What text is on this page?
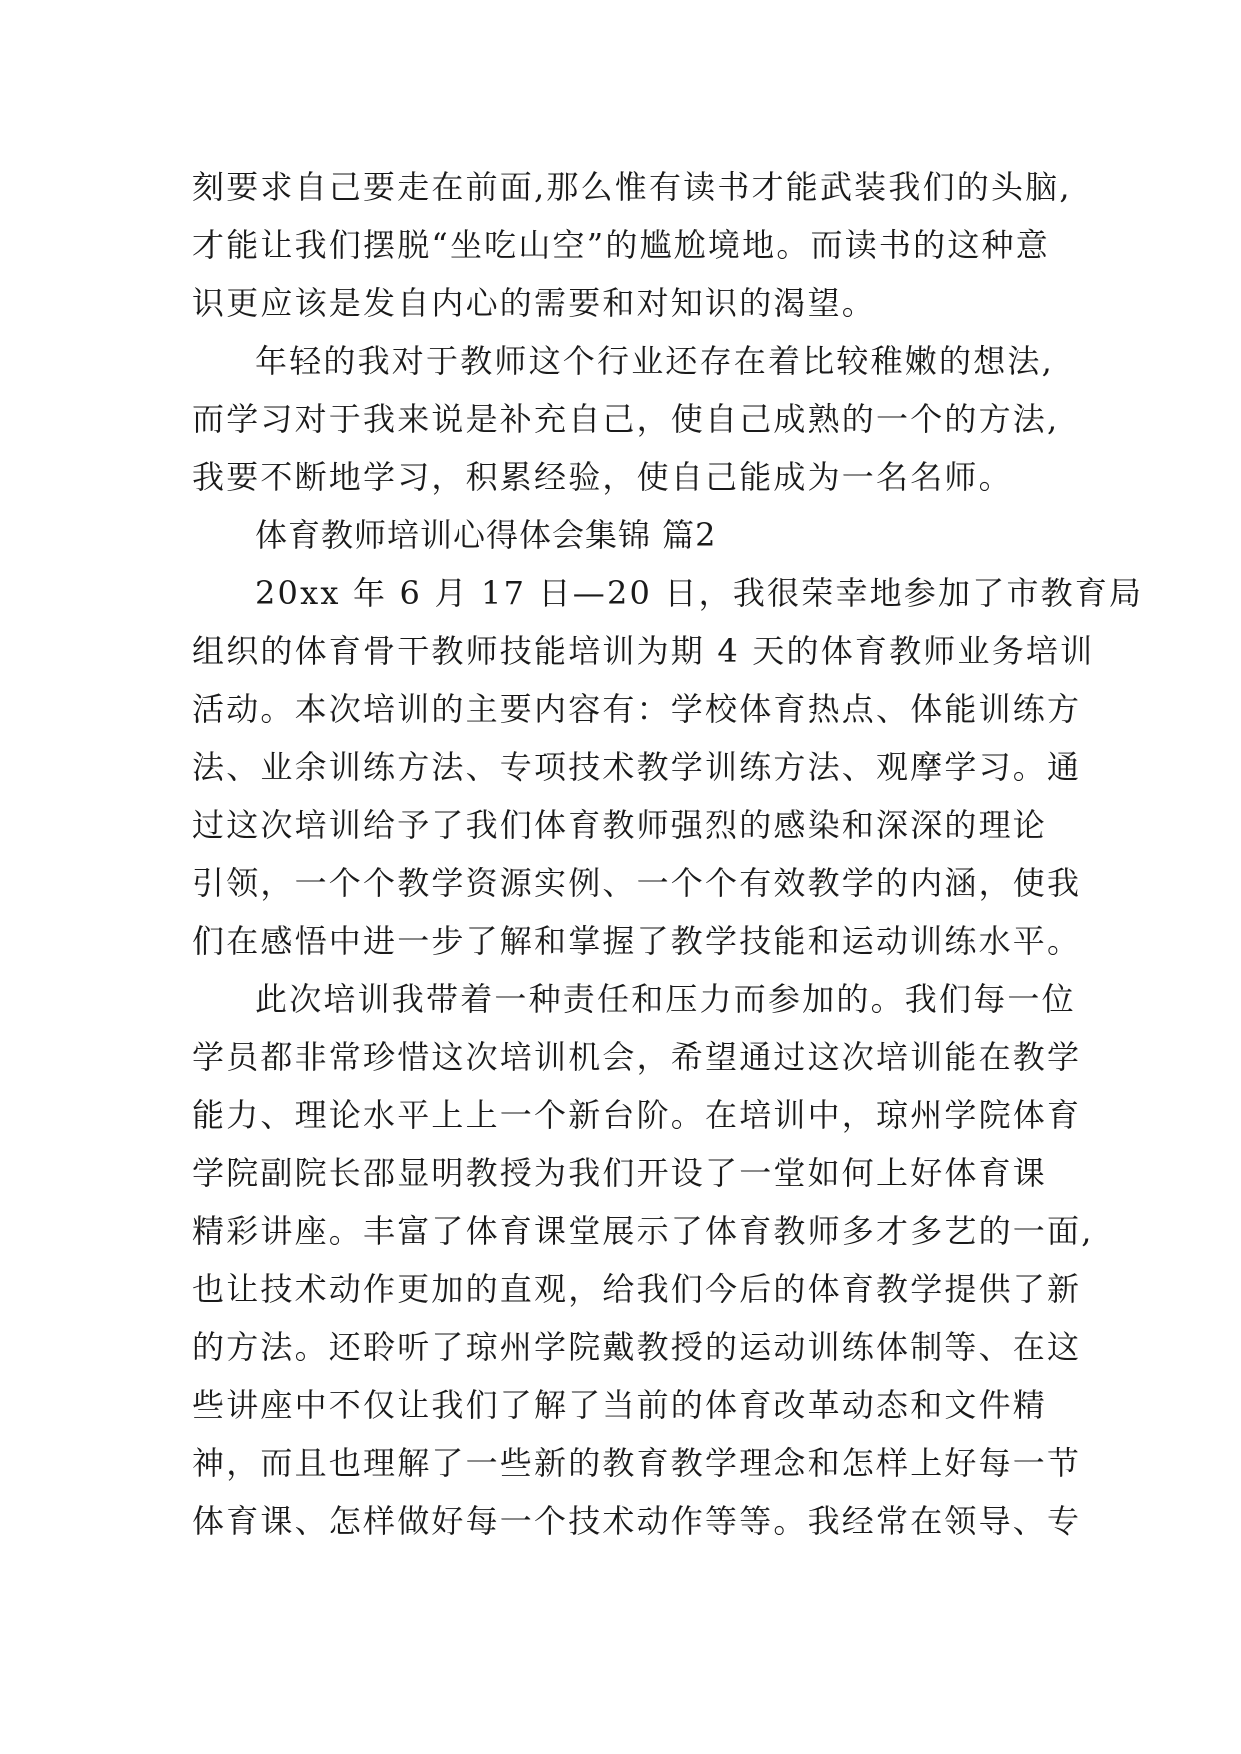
刻要求自己要走在前面,那么惟有读书才能武装我们的头脑,
才能让我们摆脱“坐吃山空”的尴尬境地。而读书的这种意
识更应该是发自内心的需要和对知识的渴望。
年轻的我对于教师这个行业还存在着比较稚嫩的想法,
而学习对于我来说是补充自己，使自己成熟的一个的方法,
我要不断地学习，积累经验，使自己能成为一名名师。
体育教师培训心得体会集锦 篇2
20xx 年 6 月 17 日—20 日，我很荣幸地参加了市教育局
组织的体育骨干教师技能培训为期 4 天的体育教师业务培训
活动。本次培训的主要内容有：学校体育热点、体能训练方
法、业余训练方法、专项技术教学训练方法、观摩学习。通
过这次培训给予了我们体育教师强烈的感染和深深的理论
引领，一个个教学资源实例、一个个有效教学的内涵，使我
们在感悟中进一步了解和掌握了教学技能和运动训练水平。
此次培训我带着一种责任和压力而参加的。我们每一位
学员都非常珍惜这次培训机会，希望通过这次培训能在教学
能力、理论水平上上一个新台阶。在培训中，琼州学院体育
学院副院长邵显明教授为我们开设了一堂如何上好体育课
精彩讲座。丰富了体育课堂展示了体育教师多才多艺的一面,
也让技术动作更加的直观，给我们今后的体育教学提供了新
的方法。还聆听了琼州学院戴教授的运动训练体制等、在这
些讲座中不仅让我们了解了当前的体育改革动态和文件精
神，而且也理解了一些新的教育教学理念和怎样上好每一节
体育课、怎样做好每一个技术动作等等。我经常在领导、专
